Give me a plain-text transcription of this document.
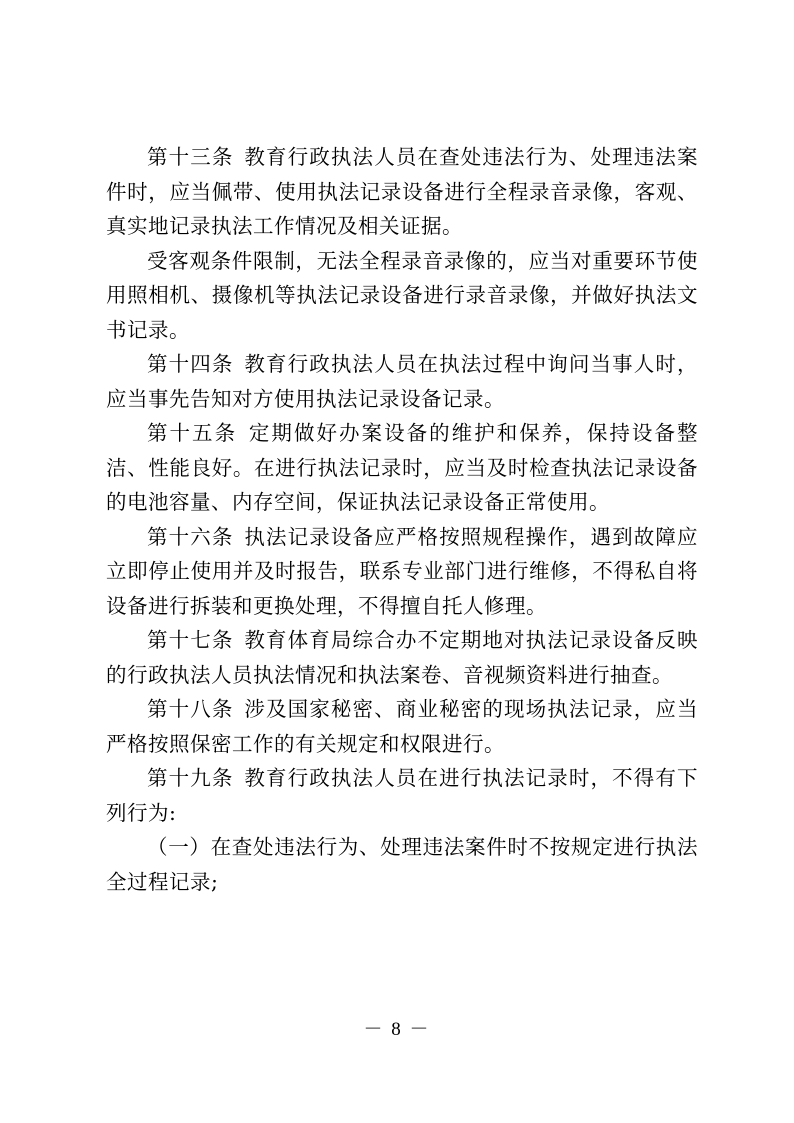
第十三条 教育行政执法人员在查处违法行为、处理违法案件时，应当佩带、使用执法记录设备进行全程录音录像，客观、真实地记录执法工作情况及相关证据。

受客观条件限制，无法全程录音录像的，应当对重要环节使用照相机、摄像机等执法记录设备进行录音录像，并做好执法文书记录。

第十四条 教育行政执法人员在执法过程中询问当事人时，应当事先告知对方使用执法记录设备记录。

第十五条 定期做好办案设备的维护和保养，保持设备整洁、性能良好。在进行执法记录时，应当及时检查执法记录设备的电池容量、内存空间，保证执法记录设备正常使用。

第十六条 执法记录设备应严格按照规程操作，遇到故障应立即停止使用并及时报告，联系专业部门进行维修，不得私自将设备进行拆装和更换处理，不得擅自托人修理。

第十七条 教育体育局综合办不定期地对执法记录设备反映的行政执法人员执法情况和执法案卷、音视频资料进行抽查。

第十八条 涉及国家秘密、商业秘密的现场执法记录，应当严格按照保密工作的有关规定和权限进行。

第十九条 教育行政执法人员在进行执法记录时，不得有下列行为:

（一）在查处违法行为、处理违法案件时不按规定进行执法全过程记录;

－ 8 －
